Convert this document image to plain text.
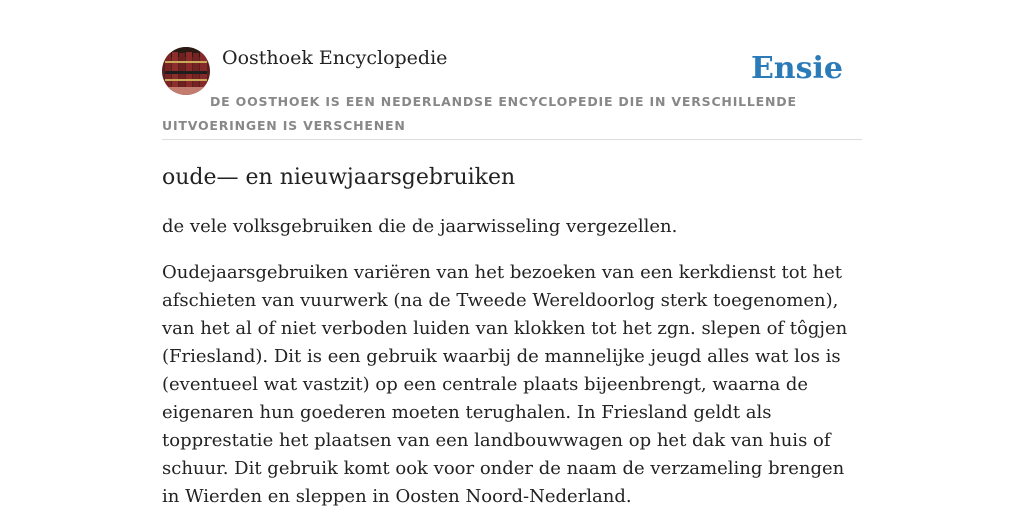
Oosthoek Encyclopedie	Ensie
DE OOSTHOEK IS EEN NEDERLANDSE ENCYCLOPEDIE DIE IN VERSCHILLENDE UITVOERINGEN IS VERSCHENEN
oude— en nieuwjaarsgebruiken

de vele volksgebruiken die de jaarwisseling vergezellen.

Oudejaarsgebruiken variëren van het bezoeken van een kerkdienst tot het afschieten van vuurwerk (na de Tweede Wereldoorlog sterk toegenomen), van het al of niet verboden luiden van klokken tot het zgn. slepen of tôgjen (Friesland). Dit is een gebruik waarbij de mannelijke jeugd alles wat los is (eventueel wat vastzit) op een centrale plaats bijeenbrengt, waarna de eigenaren hun goederen moeten terughalen. In Friesland geldt als topprestatie het plaatsen van een landbouwwagen op het dak van huis of schuur. Dit gebruik komt ook voor onder de naam de verzameling brengen in Wierden en sleppen in Oosten Noord-Nederland.
